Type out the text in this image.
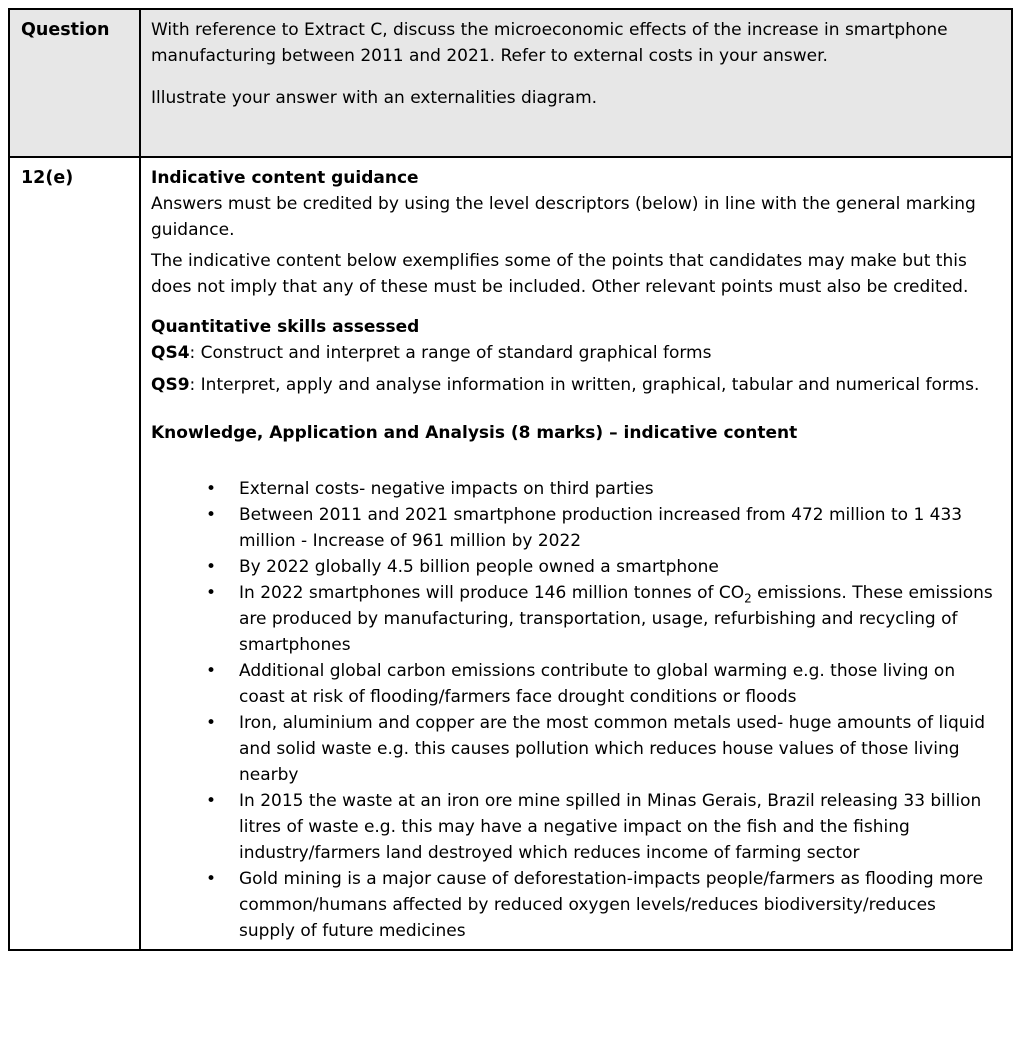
Question	With reference to Extract C, discuss the microeconomic effects of the increase in smartphone manufacturing between 2011 and 2021. Refer to external costs in your answer.

Illustrate your answer with an externalities diagram.

12(e)	Indicative content guidance

Answers must be credited by using the level descriptors (below) in line with the general marking guidance.

The indicative content below exemplifies some of the points that candidates may make but this does not imply that any of these must be included. Other relevant points must also be credited.

Quantitative skills assessed

QS4: Construct and interpret a range of standard graphical forms

QS9: Interpret, apply and analyse information in written, graphical, tabular and numerical forms.

Knowledge, Application and Analysis (8 marks) – indicative content

• External costs- negative impacts on third parties
• Between 2011 and 2021 smartphone production increased from 472 million to 1 433 million - Increase of 961 million by 2022
• By 2022 globally 4.5 billion people owned a smartphone
• In 2022 smartphones will produce 146 million tonnes of $CO_2$ emissions. These emissions are produced by manufacturing, transportation, usage, refurbishing and recycling of smartphones
• Additional global carbon emissions contribute to global warming e.g. those living on coast at risk of flooding/farmers face drought conditions or floods
• Iron, aluminium and copper are the most common metals used- huge amounts of liquid and solid waste e.g. this causes pollution which reduces house values of those living nearby
• In 2015 the waste at an iron ore mine spilled in Minas Gerais, Brazil releasing 33 billion litres of waste e.g. this may have a negative impact on the fish and the fishing industry/farmers land destroyed which reduces income of farming sector
• Gold mining is a major cause of deforestation-impacts people/farmers as flooding more common/humans affected by reduced oxygen levels/reduces biodiversity/reduces supply of future medicines
